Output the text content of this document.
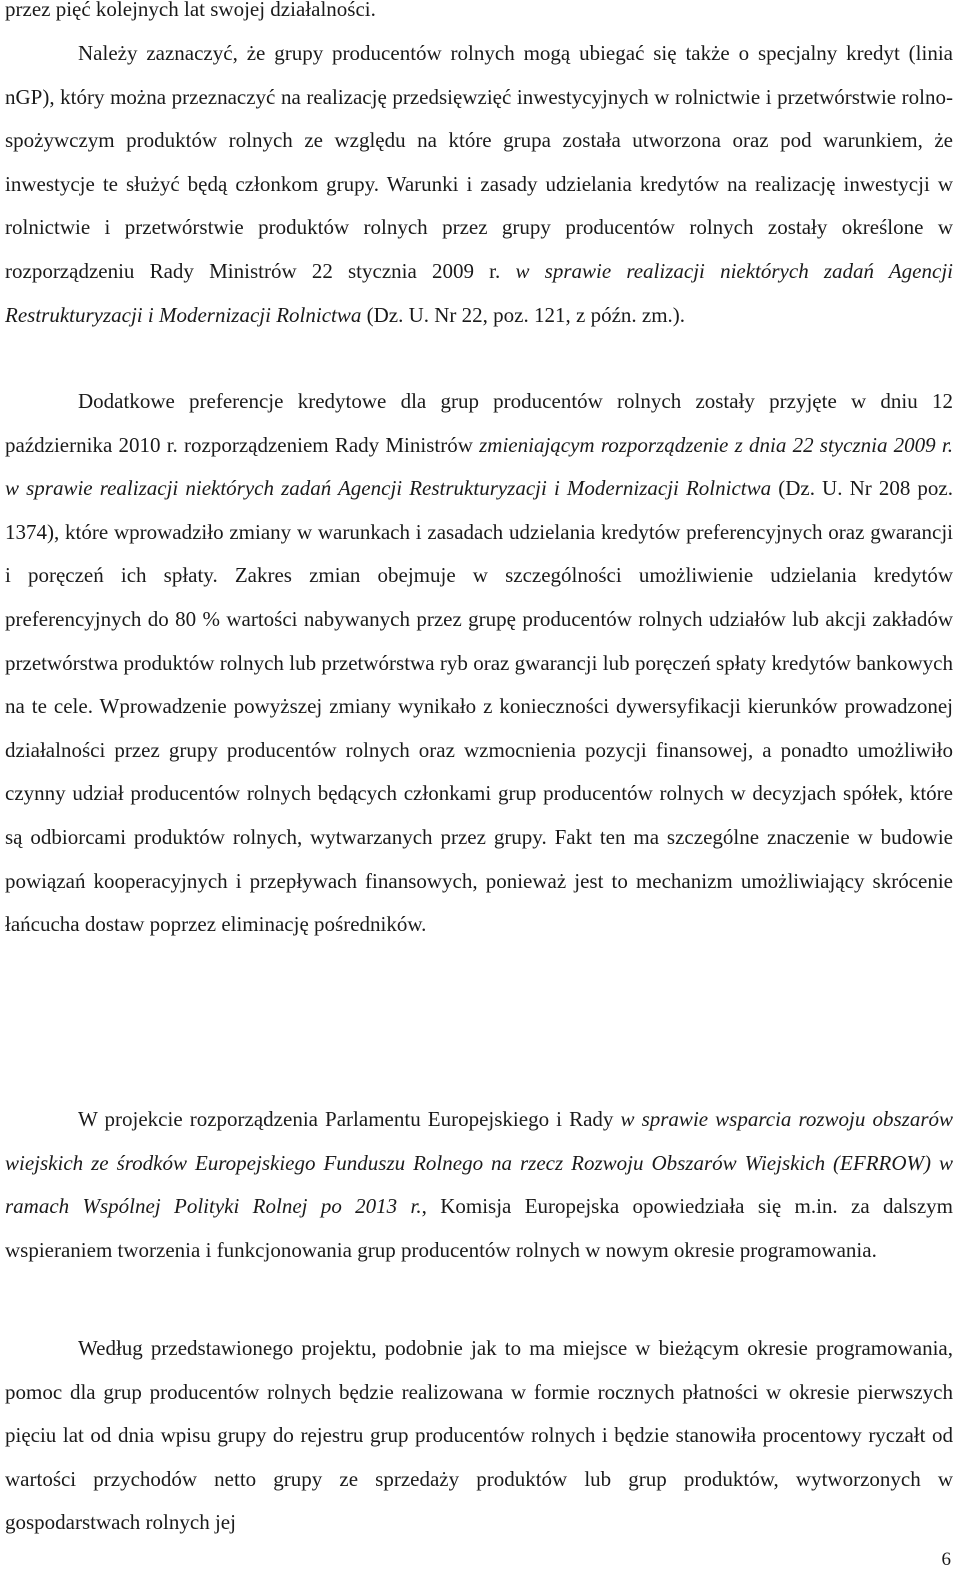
przez pięć kolejnych lat swojej działalności.

Należy zaznaczyć, że grupy producentów rolnych mogą ubiegać się także o specjalny kredyt (linia nGP), który można przeznaczyć na realizację przedsięwzięć inwestycyjnych w rolnictwie i przetwórstwie rolno-spożywczym produktów rolnych ze względu na które grupa została utworzona oraz pod warunkiem, że inwestycje te służyć będą członkom grupy. Warunki i zasady udzielania kredytów na realizację inwestycji w rolnictwie i przetwórstwie produktów rolnych przez grupy producentów rolnych zostały określone w rozporządzeniu Rady Ministrów 22 stycznia 2009 r. w sprawie realizacji niektórych zadań Agencji Restrukturyzacji i Modernizacji Rolnictwa (Dz. U. Nr 22, poz. 121, z późn. zm.).

Dodatkowe preferencje kredytowe dla grup producentów rolnych zostały przyjęte w dniu 12 października 2010 r. rozporządzeniem Rady Ministrów zmieniającym rozporządzenie z dnia 22 stycznia 2009 r. w sprawie realizacji niektórych zadań Agencji Restrukturyzacji i Modernizacji Rolnictwa (Dz. U. Nr 208 poz. 1374), które wprowadziło zmiany w warunkach i zasadach udzielania kredytów preferencyjnych oraz gwarancji i poręczeń ich spłaty. Zakres zmian obejmuje w szczególności umożliwienie udzielania kredytów preferencyjnych do 80 % wartości nabywanych przez grupę producentów rolnych udziałów lub akcji zakładów przetwórstwa produktów rolnych lub przetwórstwa ryb oraz gwarancji lub poręczeń spłaty kredytów bankowych na te cele. Wprowadzenie powyższej zmiany wynikało z konieczności dywersyfikacji kierunków prowadzonej działalności przez grupy producentów rolnych oraz wzmocnienia pozycji finansowej, a ponadto umożliwiło czynny udział producentów rolnych będących członkami grup producentów rolnych w decyzjach spółek, które są odbiorcami produktów rolnych, wytwarzanych przez grupy. Fakt ten ma szczególne znaczenie w budowie powiązań kooperacyjnych i przepływach finansowych, ponieważ jest to mechanizm umożliwiający skrócenie łańcucha dostaw poprzez eliminację pośredników.

W projekcie rozporządzenia Parlamentu Europejskiego i Rady w sprawie wsparcia rozwoju obszarów wiejskich ze środków Europejskiego Funduszu Rolnego na rzecz Rozwoju Obszarów Wiejskich (EFRROW) w ramach Wspólnej Polityki Rolnej po 2013 r., Komisja Europejska opowiedziała się m.in. za dalszym wspieraniem tworzenia i funkcjonowania grup producentów rolnych w nowym okresie programowania.

Według przedstawionego projektu, podobnie jak to ma miejsce w bieżącym okresie programowania, pomoc dla grup producentów rolnych będzie realizowana w formie rocznych płatności w okresie pierwszych pięciu lat od dnia wpisu grupy do rejestru grup producentów rolnych i będzie stanowiła procentowy ryczałt od wartości przychodów netto grupy ze sprzedaży produktów lub grup produktów, wytworzonych w gospodarstwach rolnych jej

6
